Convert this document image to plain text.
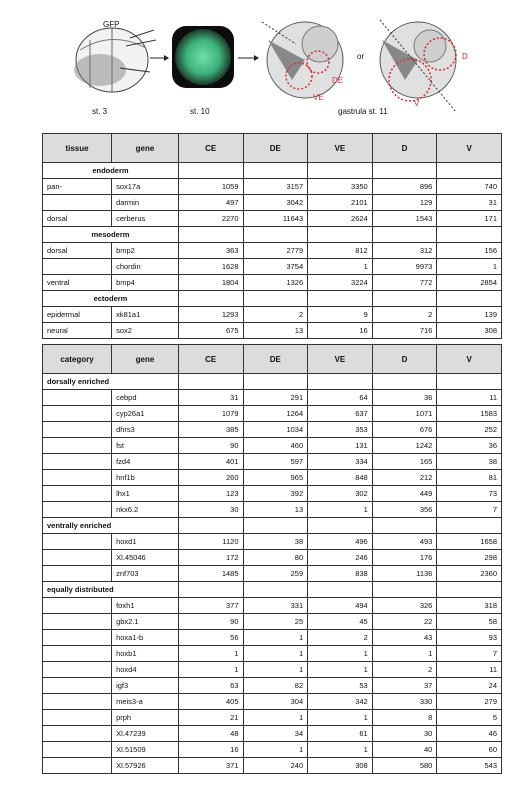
GFP
st. 3	st. 10	gastrula st. 11
or
DE
VE
D
V
tissue	gene	CE	DE	VE	D	V
endoderm						
pan-	sox17a	1059	3157	3350	896	740
	darmin	497	3042	2101	129	31
dorsal	cerberus	2270	11643	2624	1543	171
mesoderm						
dorsal	bmp2	363	2779	812	312	156
	chordin	1628	3754	1	9973	1
ventral	bmp4	1804	1326	3224	772	2854
ectoderm						
epidermal	xk81a1	1293	2	9	2	139
neural	sox2	675	13	16	716	308
category	gene	CE	DE	VE	D	V
dorsally enriched						
	cebpd	31	291	64	36	11
	cyp26a1	1079	1264	637	1071	1583
	dhrs3	385	1034	353	676	252
	fst	90	460	131	1242	36
	fzd4	401	597	334	165	38
	hnf1b	260	965	848	212	81
	lhx1	123	392	302	449	73
	nkx6.2	30	13	1	356	7
ventrally enriched						
	hoxd1	1120	38	496	493	1658
	Xl.45046	172	80	246	176	298
	znf703	1485	259	838	1136	2360
equally distributed						
	foxh1	377	331	494	326	318
	gbx2.1	90	25	45	22	58
	hoxa1-b	56	1	2	43	93
	hoxb1	1	1	1	1	7
	hoxd4	1	1	1	2	11
	igf3	63	82	53	37	24
	meis3-a	405	304	342	330	279
	prph	21	1	1	8	5
	Xl.47239	48	34	61	30	46
	Xl.51509	16	1	1	40	60
	Xl.57926	371	240	308	580	543
